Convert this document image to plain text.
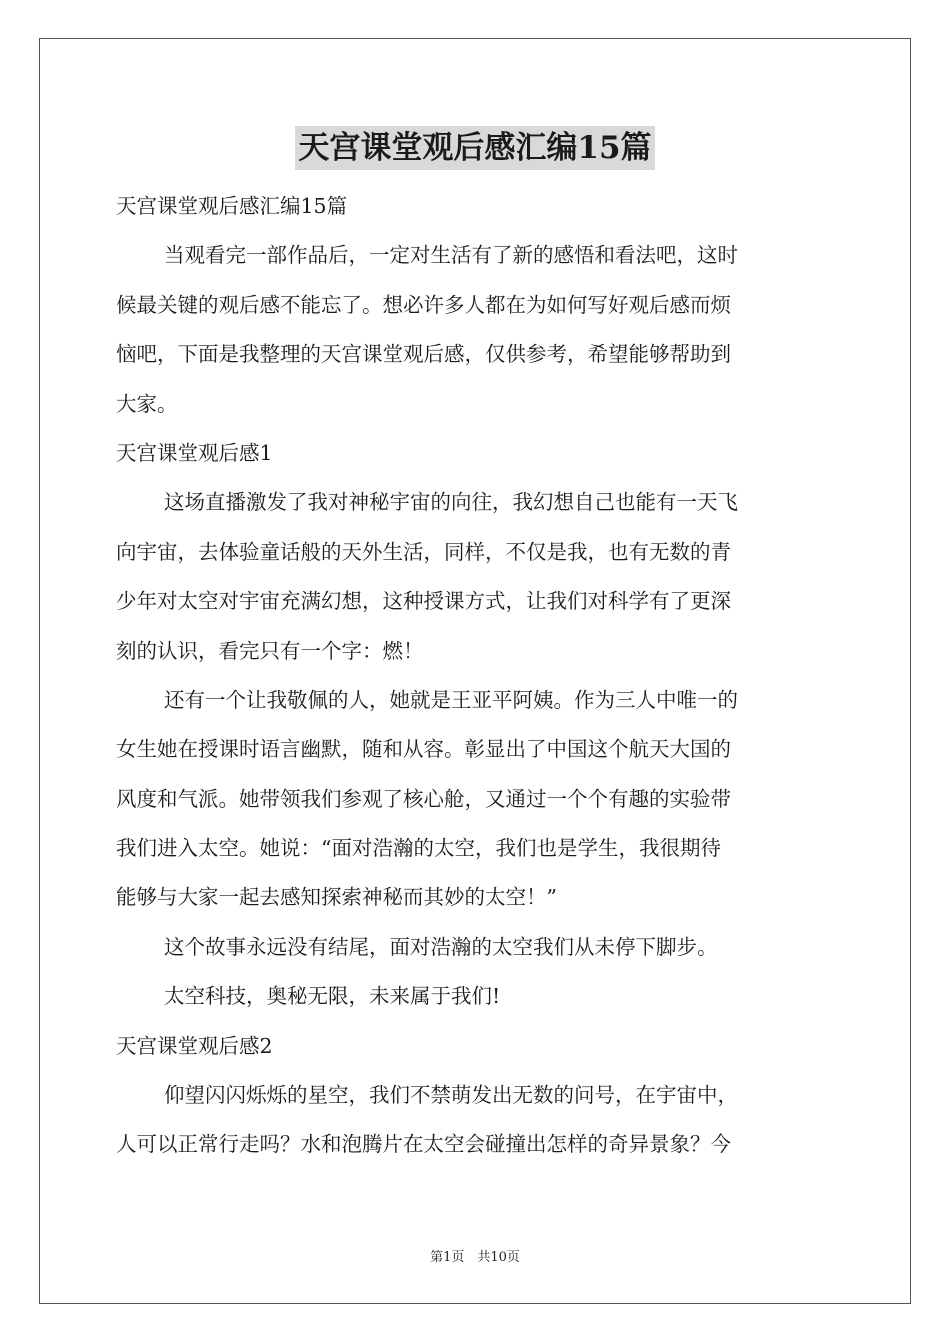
天宫课堂观后感汇编15篇
天宫课堂观后感汇编15篇
当观看完一部作品后，一定对生活有了新的感悟和看法吧，这时
候最关键的观后感不能忘了。想必许多人都在为如何写好观后感而烦
恼吧，下面是我整理的天宫课堂观后感，仅供参考，希望能够帮助到
大家。
天宫课堂观后感1
这场直播激发了我对神秘宇宙的向往，我幻想自己也能有一天飞
向宇宙，去体验童话般的天外生活，同样，不仅是我，也有无数的青
少年对太空对宇宙充满幻想，这种授课方式，让我们对科学有了更深
刻的认识，看完只有一个字：燃！
还有一个让我敬佩的人，她就是王亚平阿姨。作为三人中唯一的
女生她在授课时语言幽默，随和从容。彰显出了中国这个航天大国的
风度和气派。她带领我们参观了核心舱，又通过一个个有趣的实验带
我们进入太空。她说：“面对浩瀚的太空，我们也是学生，我很期待
能够与大家一起去感知探索神秘而其妙的太空！”
这个故事永远没有结尾，面对浩瀚的太空我们从未停下脚步。
太空科技，奥秘无限，未来属于我们!
天宫课堂观后感2
仰望闪闪烁烁的星空，我们不禁萌发出无数的问号，在宇宙中，
人可以正常行走吗？水和泡腾片在太空会碰撞出怎样的奇异景象？今
第1页　共10页
